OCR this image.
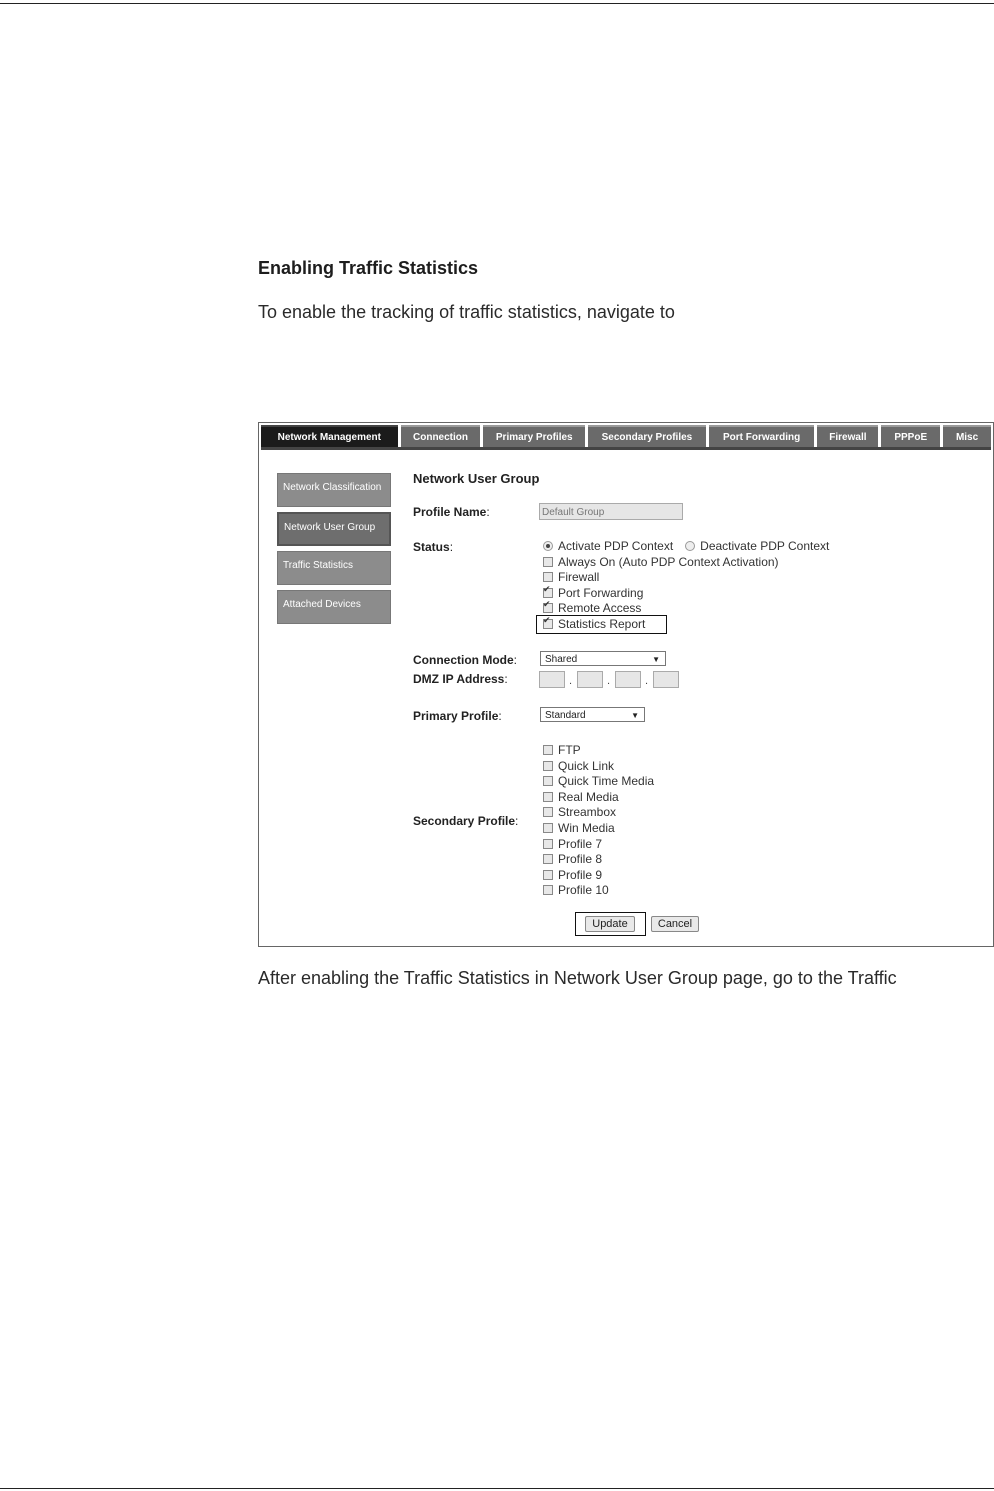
Enabling Traffic Statistics
To enable the tracking of traffic statistics, navigate to
Network Management	Connection	Primary Profiles	Secondary Profiles	Port Forwarding	Firewall	PPPoE	Misc
Network Classification
Network User Group
Traffic Statistics
Attached Devices
Network User Group
Profile Name:	Default Group
Status:	Activate PDP Context Deactivate PDP Context
Always On (Auto PDP Context Activation)
Firewall
✔
Port Forwarding
✔
Remote Access
✔
Statistics Report
Connection Mode:	Shared	▼
DMZ IP Address:	.	.	.
Primary Profile:	Standard	▼
Secondary Profile:
FTP
Quick Link
Quick Time Media
Real Media
Streambox
Win Media
Profile 7
Profile 8
Profile 9
Profile 10
Update	Cancel
After enabling the Traffic Statistics in Network User Group page, go to the Traffic
